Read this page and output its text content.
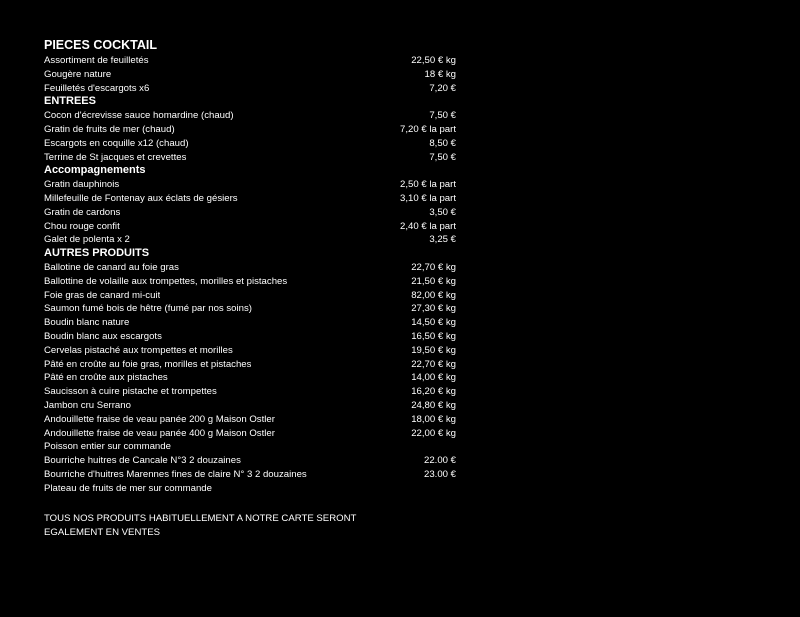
PIECES COCKTAIL
Assortiment de feuilletés	22,50 € kg
Gougère nature	18 € kg
Feuilletés d'escargots x6	7,20 €
ENTREES
Cocon d'écrevisse sauce homardine (chaud)	7,50 €
Gratin de fruits de mer (chaud)	7,20 € la part
Escargots en coquille x12 (chaud)	8,50 €
Terrine de St jacques et crevettes	7,50 €
Accompagnements
Gratin dauphinois	2,50 € la part
Millefeuille de Fontenay aux éclats de gésiers	3,10 € la part
Gratin de cardons	3,50 €
Chou rouge confit	2,40 € la part
Galet de polenta x 2	3,25 €
AUTRES PRODUITS
Ballotine de canard au foie gras	22,70 € kg
Ballottine de volaille aux trompettes, morilles et pistaches	21,50 € kg
Foie gras de canard mi-cuit	82,00 € kg
Saumon fumé bois de hêtre (fumé par nos soins)	27,30 € kg
Boudin blanc nature	14,50 € kg
Boudin blanc aux escargots	16,50 € kg
Cervelas pistaché aux trompettes et morilles	19,50 € kg
Pâté en croûte au foie gras, morilles et pistaches	22,70 € kg
Pâté en croûte aux pistaches	14,00 € kg
Saucisson à cuire pistache et trompettes	16,20 € kg
Jambon cru Serrano	24,80 € kg
Andouillette fraise de veau panée 200 g Maison Ostler	18,00 € kg
Andouillette fraise de veau panée 400 g Maison Ostler	22,00 € kg
Poisson entier sur commande
Bourriche huitres de Cancale N°3 2 douzaines	22.00 €
Bourriche d'huitres Marennes fines de claire N° 3 2 douzaines	23.00 €
Plateau de fruits de mer sur commande
TOUS NOS PRODUITS HABITUELLEMENT A NOTRE CARTE SERONT
EGALEMENT EN VENTES
